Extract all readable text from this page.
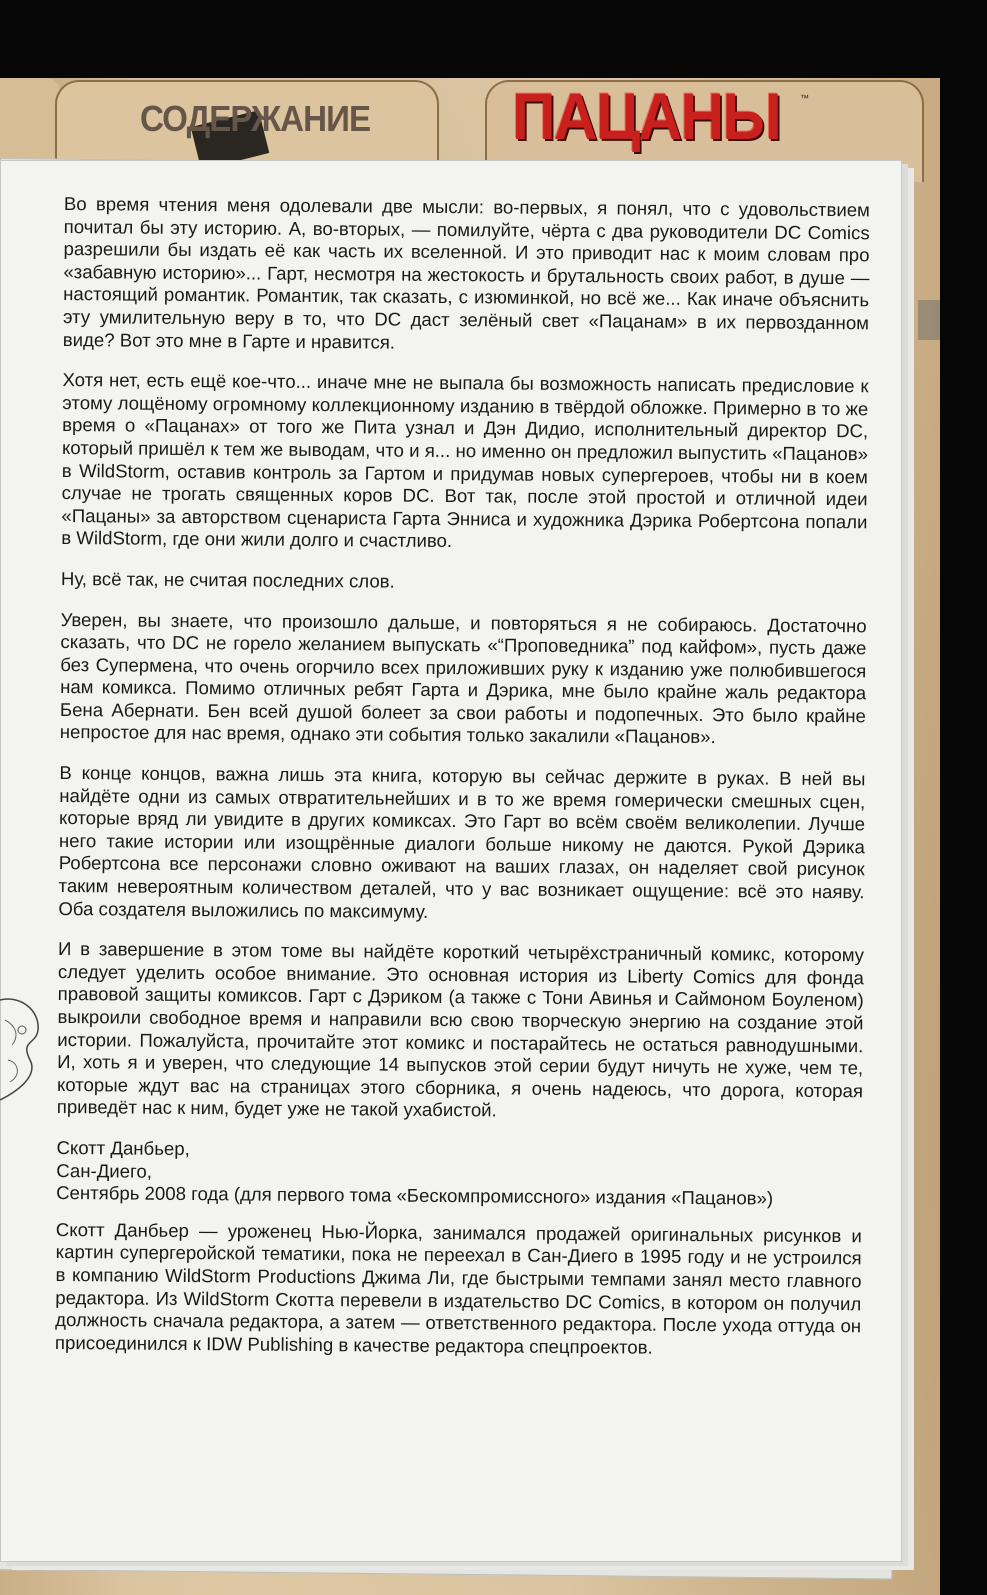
СОДЕРЖАНИЕ ПАЦАНЫ ™

Во время чтения меня одолевали две мысли: во-первых, я понял, что с удовольствием почитал бы эту историю. А, во-вторых, — помилуйте, чёрта с два руководители DC Comics разрешили бы издать её как часть их вселенной. И это приводит нас к моим словам про «забавную историю»... Гарт, несмотря на жестокость и брутальность своих работ, в душе — настоящий романтик. Романтик, так сказать, с изюминкой, но всё же... Как иначе объяснить эту умилительную веру в то, что DC даст зелёный свет «Пацанам» в их первозданном виде? Вот это мне в Гарте и нравится.

Хотя нет, есть ещё кое-что... иначе мне не выпала бы возможность написать предисловие к этому лощёному огромному коллекционному изданию в твёрдой обложке. Примерно в то же время о «Пацанах» от того же Пита узнал и Дэн Дидио, исполнительный директор DC, который пришёл к тем же выводам, что и я... но именно он предложил выпустить «Пацанов» в WildStorm, оставив контроль за Гартом и придумав новых супергероев, чтобы ни в коем случае не трогать священных коров DC. Вот так, после этой простой и отличной идеи «Пацаны» за авторством сценариста Гарта Энниса и художника Дэрика Робертсона попали в WildStorm, где они жили долго и счастливо.

Ну, всё так, не считая последних слов.

Уверен, вы знаете, что произошло дальше, и повторяться я не собираюсь. Достаточно сказать, что DC не горело желанием выпускать «“Проповедника” под кайфом», пусть даже без Супермена, что очень огорчило всех приложивших руку к изданию уже полюбившегося нам комикса. Помимо отличных ребят Гарта и Дэрика, мне было крайне жаль редактора Бена Абернати. Бен всей душой болеет за свои работы и подопечных. Это было крайне непростое для нас время, однако эти события только закалили «Пацанов».

В конце концов, важна лишь эта книга, которую вы сейчас держите в руках. В ней вы найдёте одни из самых отвратительнейших и в то же время гомерически смешных сцен, которые вряд ли увидите в других комиксах. Это Гарт во всём своём великолепии. Лучше него такие истории или изощрённые диалоги больше никому не даются. Рукой Дэрика Робертсона все персонажи словно оживают на ваших глазах, он наделяет свой рисунок таким невероятным количеством деталей, что у вас возникает ощущение: всё это наяву. Оба создателя выложились по максимуму.

И в завершение в этом томе вы найдёте короткий четырёхстраничный комикс, которому следует уделить особое внимание. Это основная история из Liberty Comics для фонда правовой защиты комиксов. Гарт с Дэриком (а также с Тони Авинья и Саймоном Боуленом) выкроили свободное время и направили всю свою творческую энергию на создание этой истории. Пожалуйста, прочитайте этот комикс и постарайтесь не остаться равнодушными. И, хоть я и уверен, что следующие 14 выпусков этой серии будут ничуть не хуже, чем те, которые ждут вас на страницах этого сборника, я очень надеюсь, что дорога, которая приведёт нас к ним, будет уже не такой ухабистой.

Скотт Данбьер,
Сан-Диего,
Сентябрь 2008 года (для первого тома «Бескомпромиссного» издания «Пацанов»)

Скотт Данбьер — уроженец Нью-Йорка, занимался продажей оригинальных рисунков и картин супергеройской тематики, пока не переехал в Сан-Диего в 1995 году и не устроился в компанию WildStorm Productions Джима Ли, где быстрыми темпами занял место главного редактора. Из WildStorm Скотта перевели в издательство DC Comics, в котором он получил должность сначала редактора, а затем — ответственного редактора. После ухода оттуда он присоединился к IDW Publishing в качестве редактора спецпроектов.
